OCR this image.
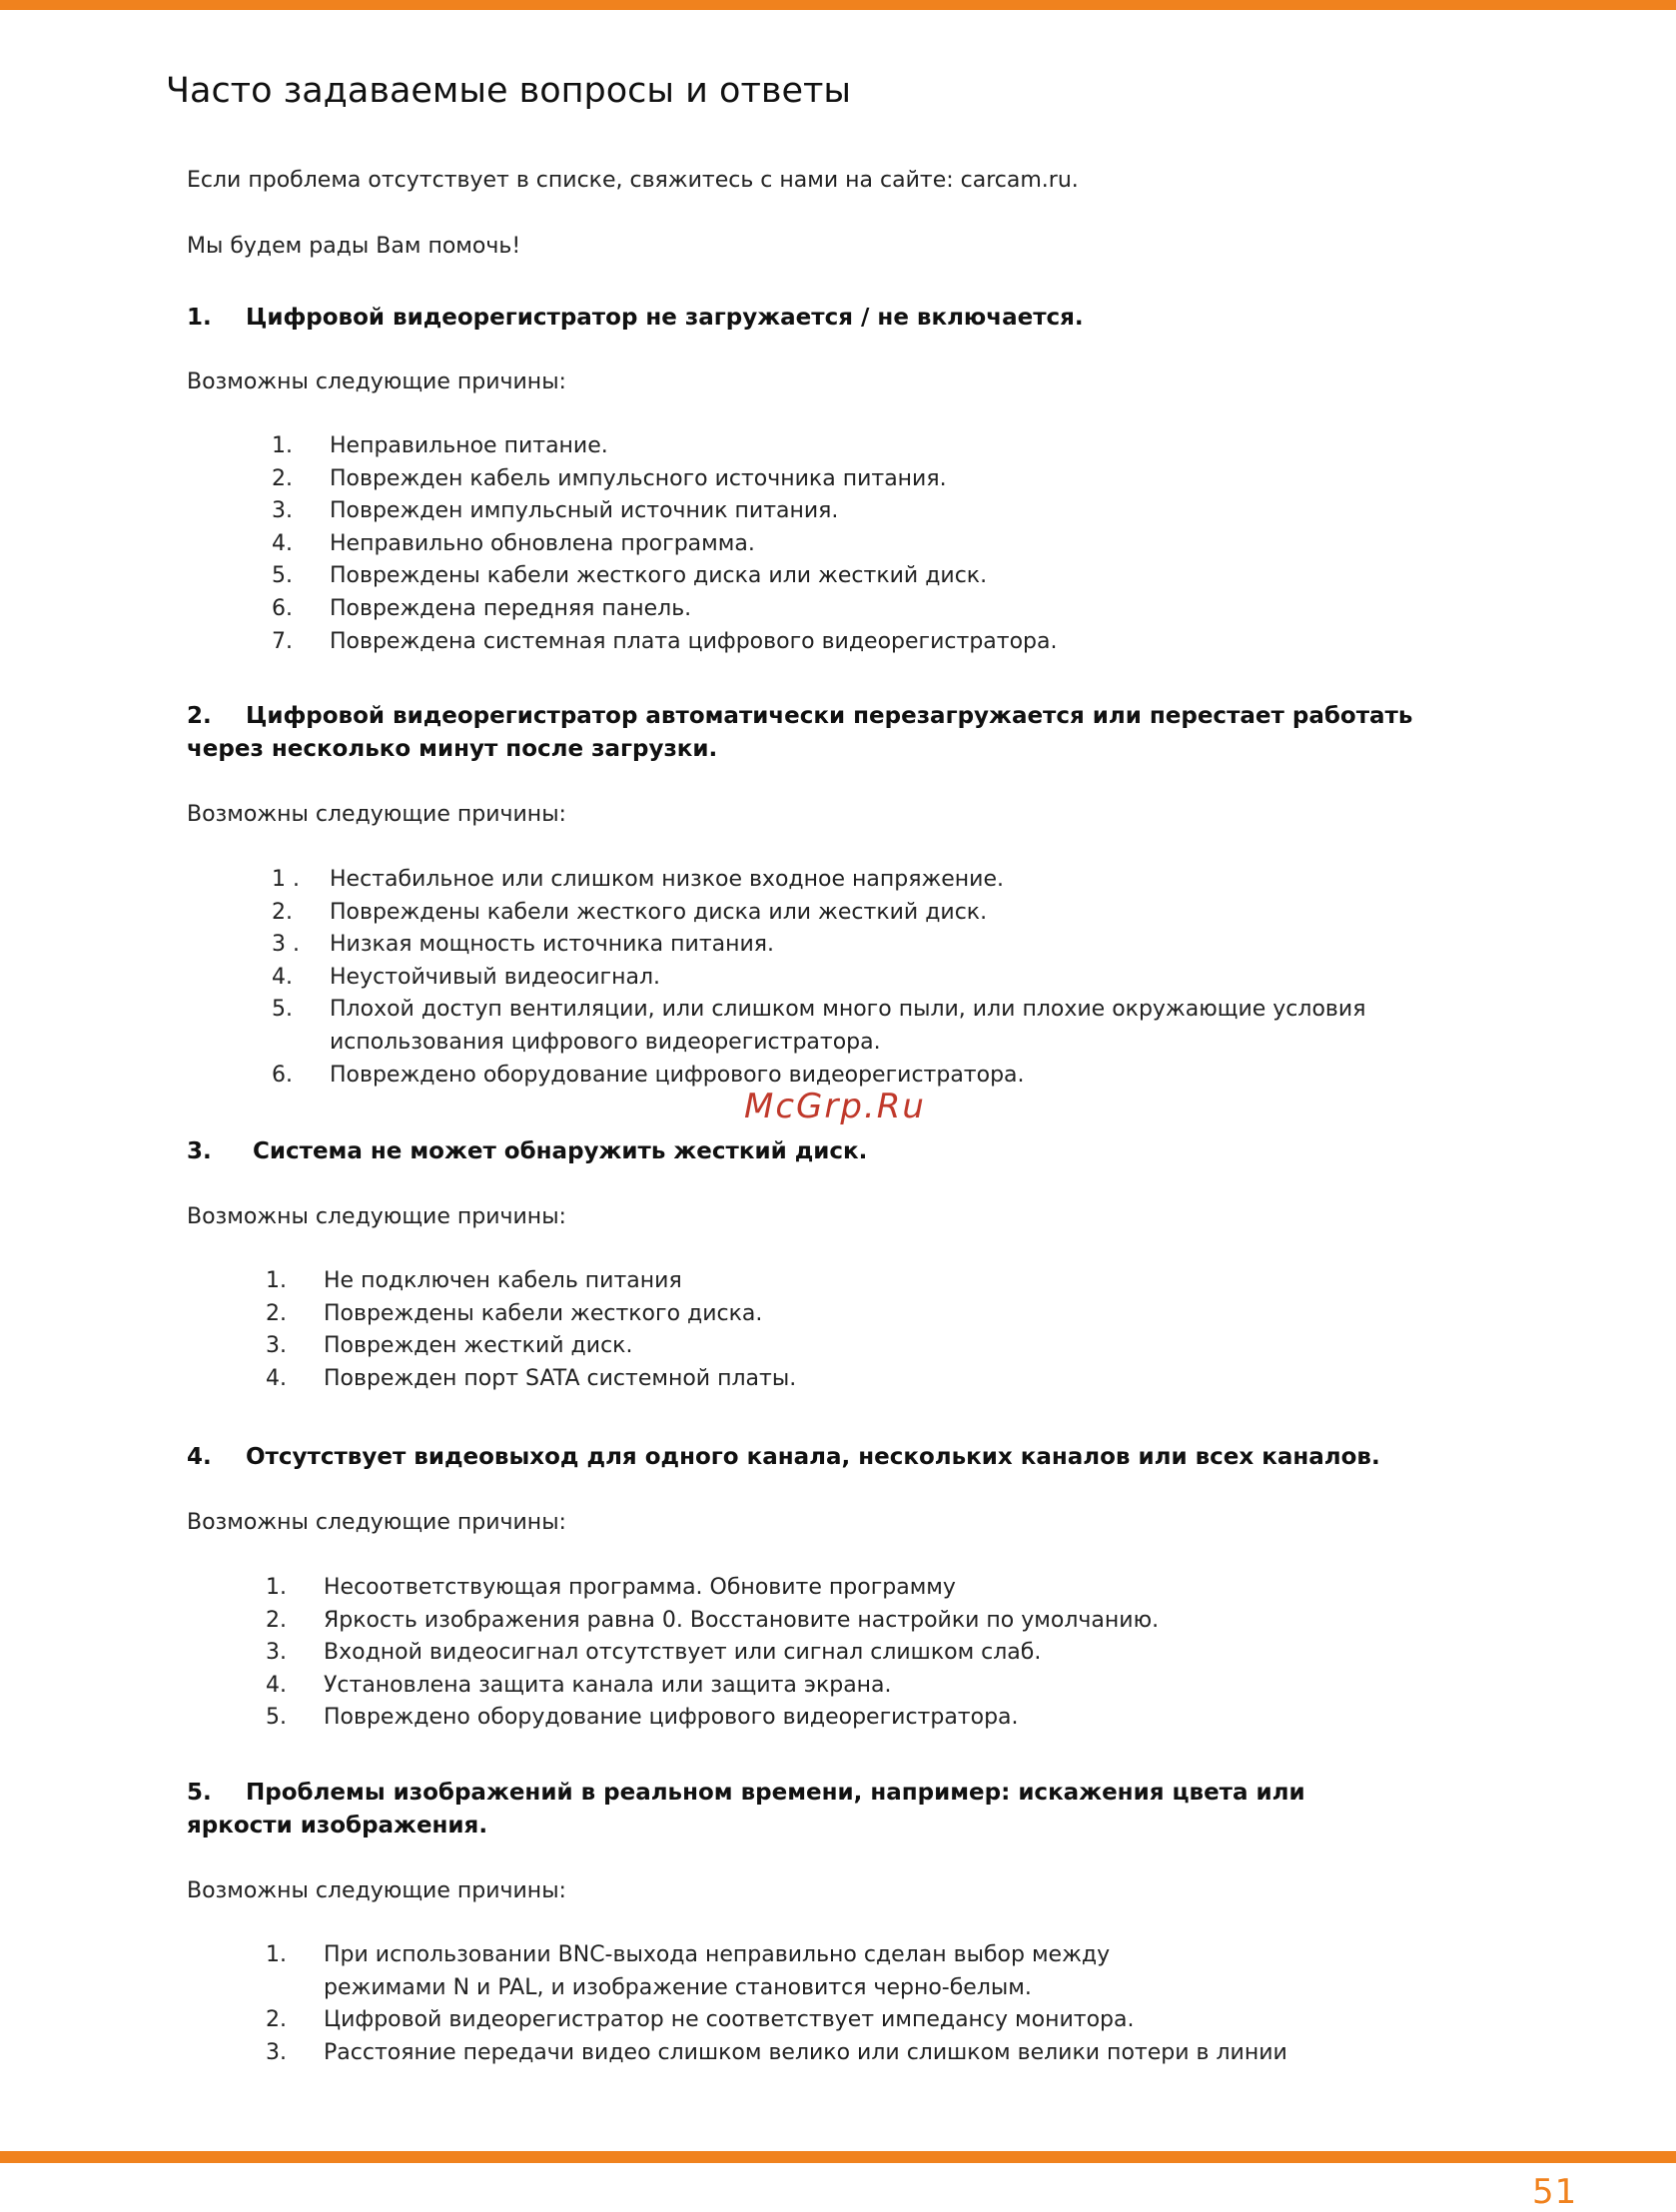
Часто задаваемые вопросы и ответы

Если проблема отсутствует в списке, свяжитесь с нами на сайте: carcam.ru.

Мы будем рады Вам помочь!

1. Цифровой видеорегистратор не загружается / не включается.

Возможны следующие причины:

1. Неправильное питание.
2. Поврежден кабель импульсного источника питания.
3. Поврежден импульсный источник питания.
4. Неправильно обновлена программа.
5. Повреждены кабели жесткого диска или жесткий диск.
6. Повреждена передняя панель.
7. Повреждена системная плата цифрового видеорегистратора.

2. Цифровой видеорегистратор автоматически перезагружается или перестает работать

через несколько минут после загрузки.

Возможны следующие причины:

1 . Нестабильное или слишком низкое входное напряжение.
2. Повреждены кабели жесткого диска или жесткий диск.
3 . Низкая мощность источника питания.
4. Неустойчивый видеосигнал.
5. Плохой доступ вентиляции, или слишком много пыли, или плохие окружающие условия
использования цифрового видеорегистратора.
6. Повреждено оборудование цифрового видеорегистратора.
McGrp.Ru

3. Система не может обнаружить жесткий диск.

Возможны следующие причины:

1. Не подключен кабель питания
2. Повреждены кабели жесткого диска.
3. Поврежден жесткий диск.
4. Поврежден порт SATA системной платы.

4. Отсутствует видеовыход для одного канала, нескольких каналов или всех каналов.

Возможны следующие причины:

1. Несоответствующая программа. Обновите программу
2. Яркость изображения равна 0. Восстановите настройки по умолчанию.
3. Входной видеосигнал отсутствует или сигнал слишком слаб.
4. Установлена защита канала или защита экрана.
5. Повреждено оборудование цифрового видеорегистратора.

5. Проблемы изображений в реальном времени, например: искажения цвета или

яркости изображения.

Возможны следующие причины:

1. При использовании BNC-выхода неправильно сделан выбор между
режимами N и PAL, и изображение становится черно-белым.
2. Цифровой видеорегистратор не соответствует импедансу монитора.
3. Расстояние передачи видео слишком велико или слишком велики потери в линии
51
